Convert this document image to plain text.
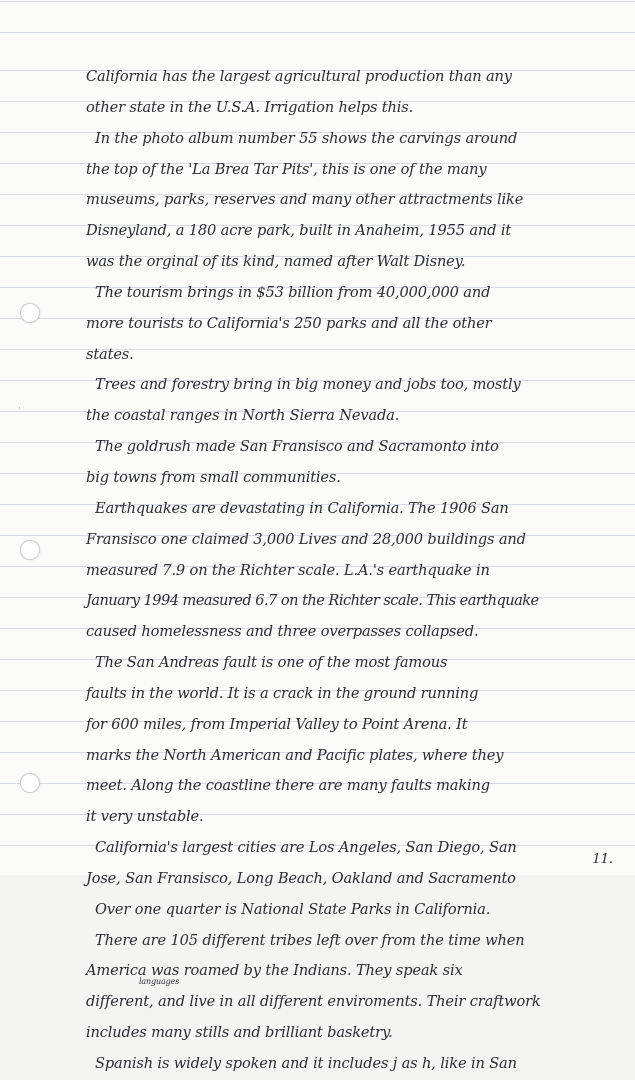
·
California has the largest agricultural production than any
other state in the U.S.A. Irrigation helps this.
In the photo album number 55 shows the carvings around
the top of the 'La Brea Tar Pits', this is one of the many
museums, parks, reserves and many other attractments like
Disneyland, a 180 acre park, built in Anaheim, 1955 and it
was the orginal of its kind, named after Walt Disney.
The tourism brings in $53 billion from 40,000,000 and
more tourists to California's 250 parks and all the other
states.
Trees and forestry bring in big money and jobs too, mostly
the coastal ranges in North Sierra Nevada.
The goldrush made San Fransisco and Sacramonto into
big towns from small communities.
Earthquakes are devastating in California. The 1906 San
Fransisco one claimed 3,000 Lives and 28,000 buildings and
measured 7.9 on the Richter scale. L.A.'s earthquake in
January 1994 measured 6.7 on the Richter scale. This earthquake
caused homelessness and three overpasses collapsed.
The San Andreas fault is one of the most famous
faults in the world. It is a crack in the ground running
for 600 miles, from Imperial Valley to Point Arena. It
marks the North American and Pacific plates, where they
meet. Along the coastline there are many faults making
it very unstable.
California's largest cities are Los Angeles, San Diego, San
Jose, San Fransisco, Long Beach, Oakland and Sacramento
Over one quarter is National State Parks in California.
There are 105 different tribes left over from the time when
America was roamed by the Indians. They speak six
languages
different, and live in all different enviroments. Their craftwork
includes many stills and brilliant basketry.
Spanish is widely spoken and it includes j as h, like in San
11.
